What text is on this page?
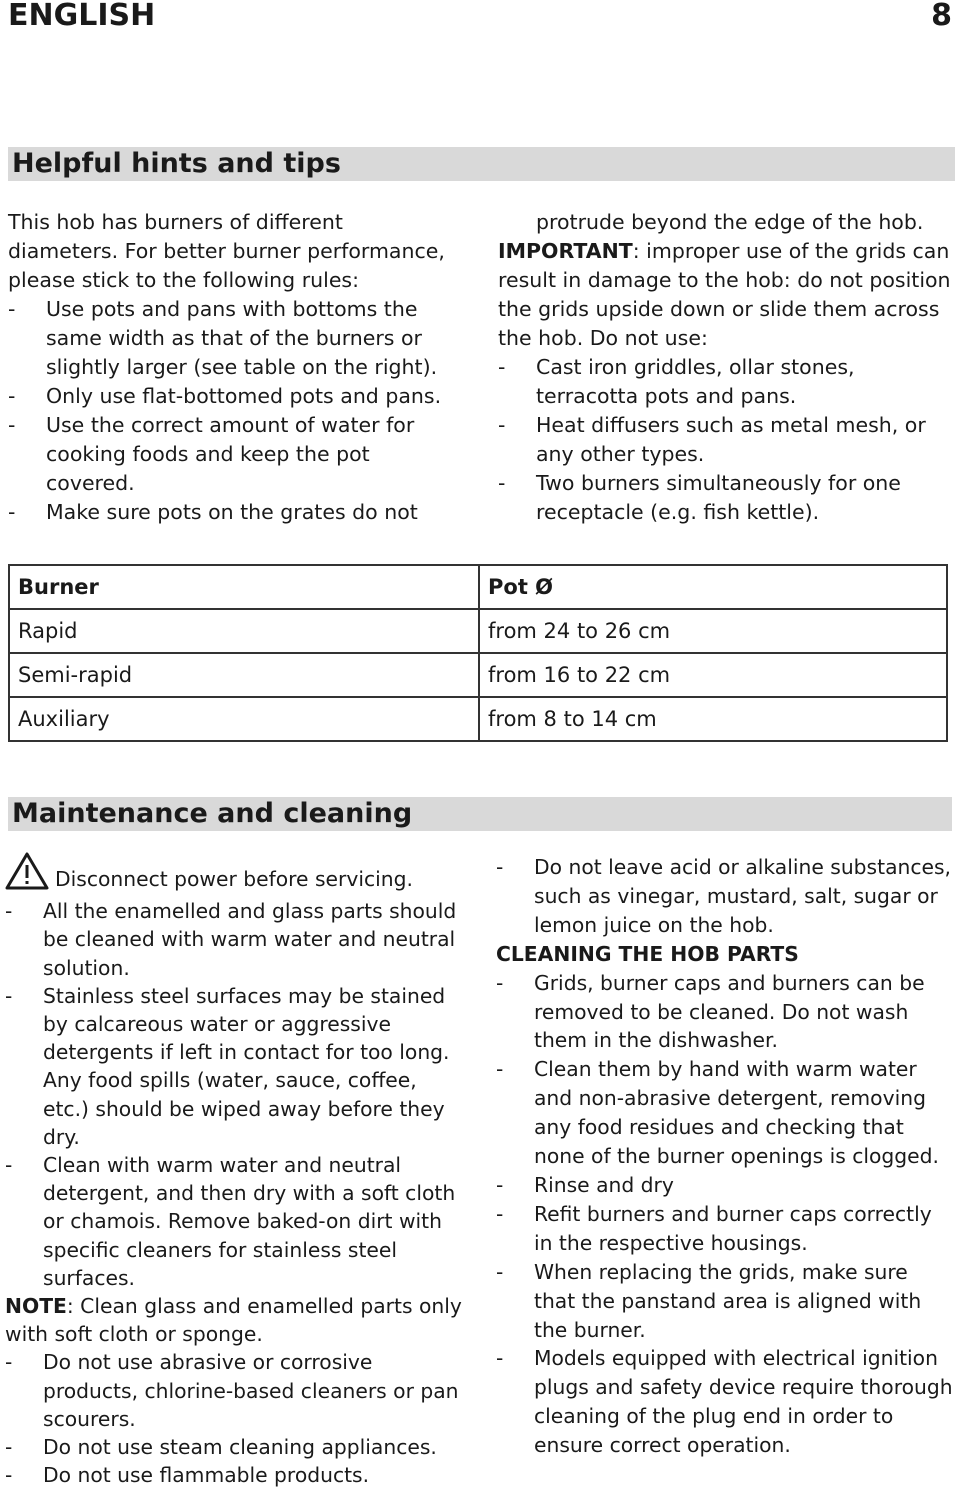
ENGLISH	8
Helpful hints and tips

This hob has burners of different diameters. For better burner performance, please stick to the following rules:

- Use pots and pans with bottoms the same width as that of the burners or slightly larger (see table on the right).
- Only use flat-bottomed pots and pans.
- Use the correct amount of water for cooking foods and keep the pot covered.
- Make sure pots on the grates do not

protrude beyond the edge of the hob.

IMPORTANT: improper use of the grids can result in damage to the hob: do not position the grids upside down or slide them across the hob. Do not use:

- Cast iron griddles, ollar stones, terracotta pots and pans.
- Heat diffusers such as metal mesh, or any other types.
- Two burners simultaneously for one receptacle (e.g. fish kettle).
Burner	Pot Ø
Rapid	from 24 to 26 cm
Semi-rapid	from 16 to 22 cm
Auxiliary	from 8 to 14 cm
Maintenance and cleaning

Disconnect power before servicing.

- All the enamelled and glass parts should be cleaned with warm water and neutral solution.
- Stainless steel surfaces may be stained by calcareous water or aggressive detergents if left in contact for too long. Any food spills (water, sauce, coffee, etc.) should be wiped away before they dry.
- Clean with warm water and neutral detergent, and then dry with a soft cloth or chamois. Remove baked-on dirt with specific cleaners for stainless steel surfaces.

NOTE: Clean glass and enamelled parts only with soft cloth or sponge.

- Do not use abrasive or corrosive products, chlorine-based cleaners or pan scourers.
- Do not use steam cleaning appliances.
- Do not use flammable products.
- Do not leave acid or alkaline substances, such as vinegar, mustard, salt, sugar or lemon juice on the hob.

CLEANING THE HOB PARTS

- Grids, burner caps and burners can be removed to be cleaned. Do not wash them in the dishwasher.
- Clean them by hand with warm water and non-abrasive detergent, removing any food residues and checking that none of the burner openings is clogged.
- Rinse and dry
- Refit burners and burner caps correctly in the respective housings.
- When replacing the grids, make sure that the panstand area is aligned with the burner.
- Models equipped with electrical ignition plugs and safety device require thorough cleaning of the plug end in order to ensure correct operation.
